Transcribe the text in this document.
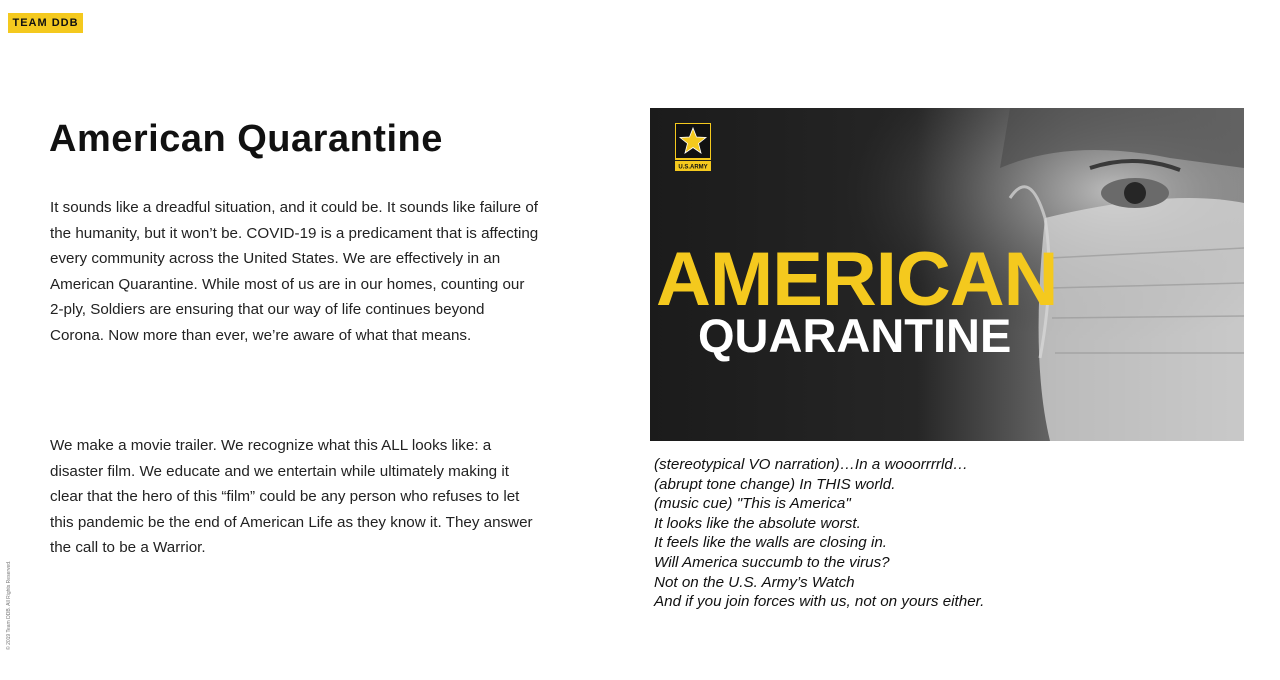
TEAM DDB
American Quarantine

It sounds like a dreadful situation, and it could be. It sounds like failure of the humanity, but it won’t be. COVID-19 is a predicament that is affecting every community across the United States. We are effectively in an American Quarantine. While most of us are in our homes, counting our 2-ply, Soldiers are ensuring that our way of life continues beyond Corona. Now more than ever, we’re aware of what that means.

We make a movie trailer. We recognize what this ALL looks like: a disaster film. We educate and we entertain while ultimately making it clear that the hero of this “film” could be any person who refuses to let this pandemic be the end of American Life as they know it. They answer the call to be a Warrior.

© 2019 Team DDB. All Rights Reserved.
U.S.ARMY
AMERICAN
QUARANTINE
(stereotypical VO narration)…In a wooorrrrld…
(abrupt tone change) In THIS world.
(music cue) "This is America"
It looks like the absolute worst.
It feels like the walls are closing in.
Will America succumb to the virus?
Not on the U.S. Army’s Watch
And if you join forces with us, not on yours either.
